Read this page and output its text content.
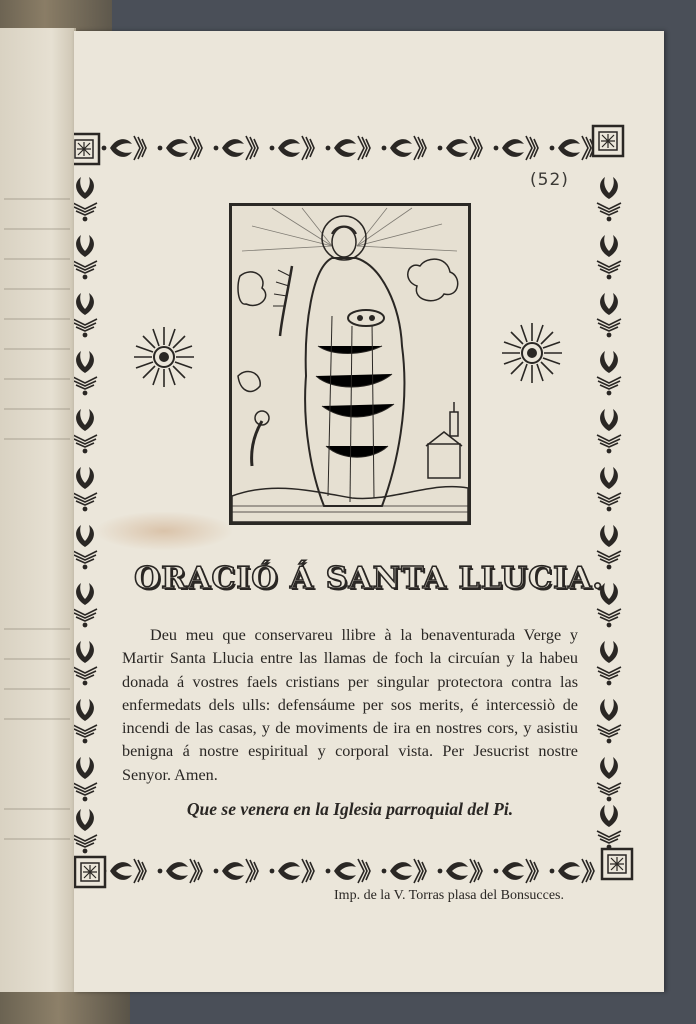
(52)
ORACIÓ Á SANTA LLUCIA.
Deu meu que conservareu llibre à la benaventurada Verge y Martir Santa Llucia entre las llamas de foch la circuían y la habeu donada á vostres faels cristians per singular protectora contra las enfermedats dels ulls: defensáume per sos merits, é intercessiò de incendi de las casas, y de moviments de ira en nostres cors, y asistiu benigna á nostre espiritual y corporal vista. Per Jesucrist nostre Senyor. Amen.
Que se venera en la Iglesia parroquial del Pi.
Imp. de la V. Torras plasa del Bonsucces.
